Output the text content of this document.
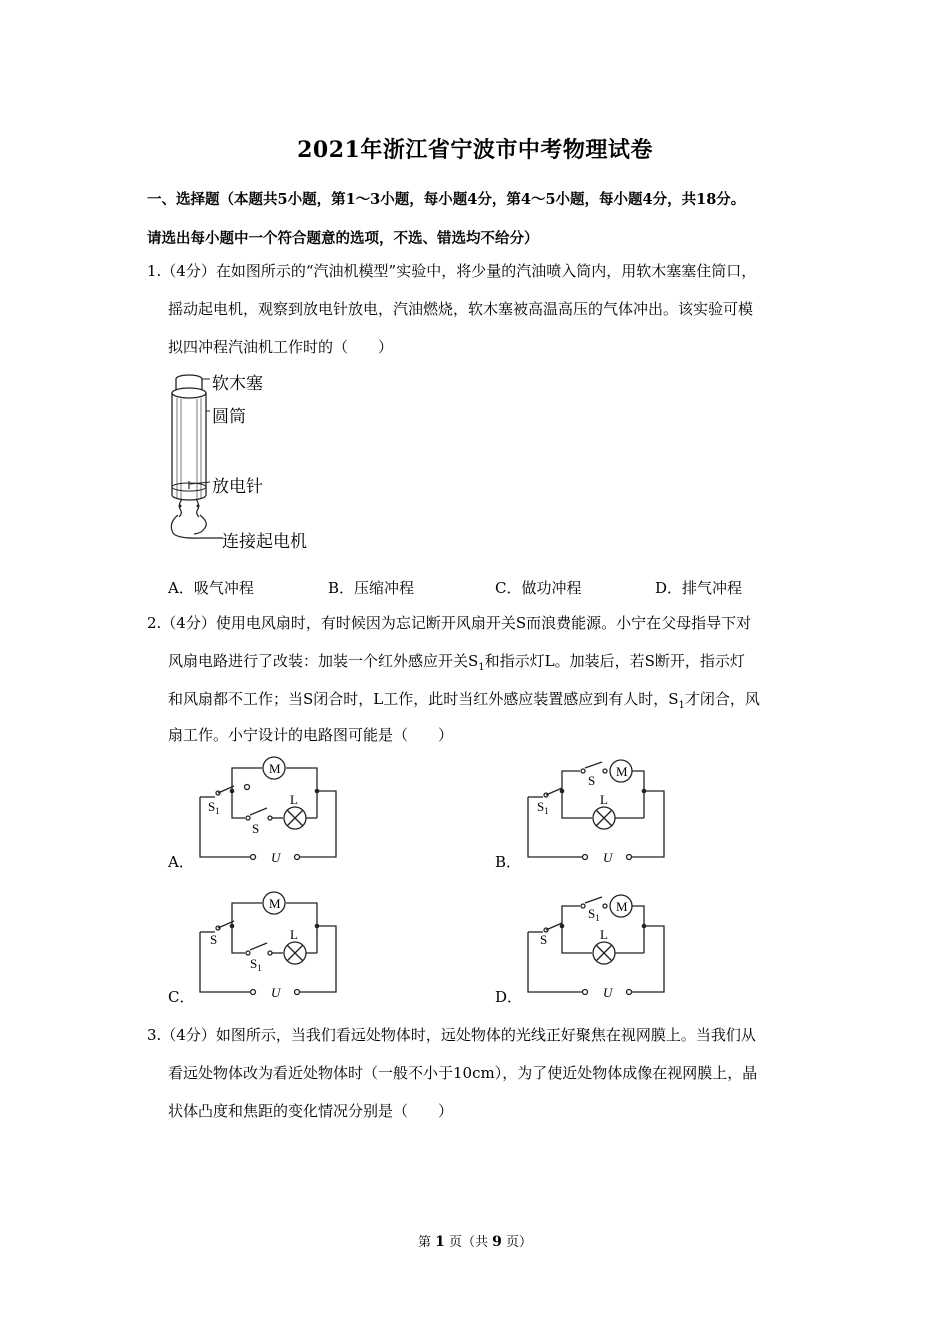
2021年浙江省宁波市中考物理试卷
一、选择题（本题共5小题，第1～3小题，每小题4分，第4～5小题，每小题4分，共18分。
请选出每小题中一个符合题意的选项，不选、错选均不给分）
1.（4分）在如图所示的“汽油机模型”实验中，将少量的汽油喷入筒内，用软木塞塞住筒口，
摇动起电机，观察到放电针放电，汽油燃烧，软木塞被高温高压的气体冲出。该实验可模
拟四冲程汽油机工作时的（　　）
软木塞
圆筒
放电针
连接起电机
A．吸气冲程	B．压缩冲程	C．做功冲程	D．排气冲程
2.（4分）使用电风扇时，有时候因为忘记断开风扇开关S而浪费能源。小宁在父母指导下对
风扇电路进行了改装：加装一个红外感应开关$S_1$和指示灯L。加装后，若S断开，指示灯
和风扇都不工作；当S闭合时，L工作，此时当红外感应装置感应到有人时，$S_1$才闭合，风
扇工作。小宁设计的电路图可能是（　　）
M
L
U
$S_1$
S
A．
M
L
U
$S_1$
S
B．
M
L
U
S
$S_1$
C．
M
L
U
S
$S_1$
D．
3.（4分）如图所示，当我们看远处物体时，远处物体的光线正好聚焦在视网膜上。当我们从
看远处物体改为看近处物体时（一般不小于10cm），为了使近处物体成像在视网膜上，晶
状体凸度和焦距的变化情况分别是（　　）
第 1 页（共 9 页）
